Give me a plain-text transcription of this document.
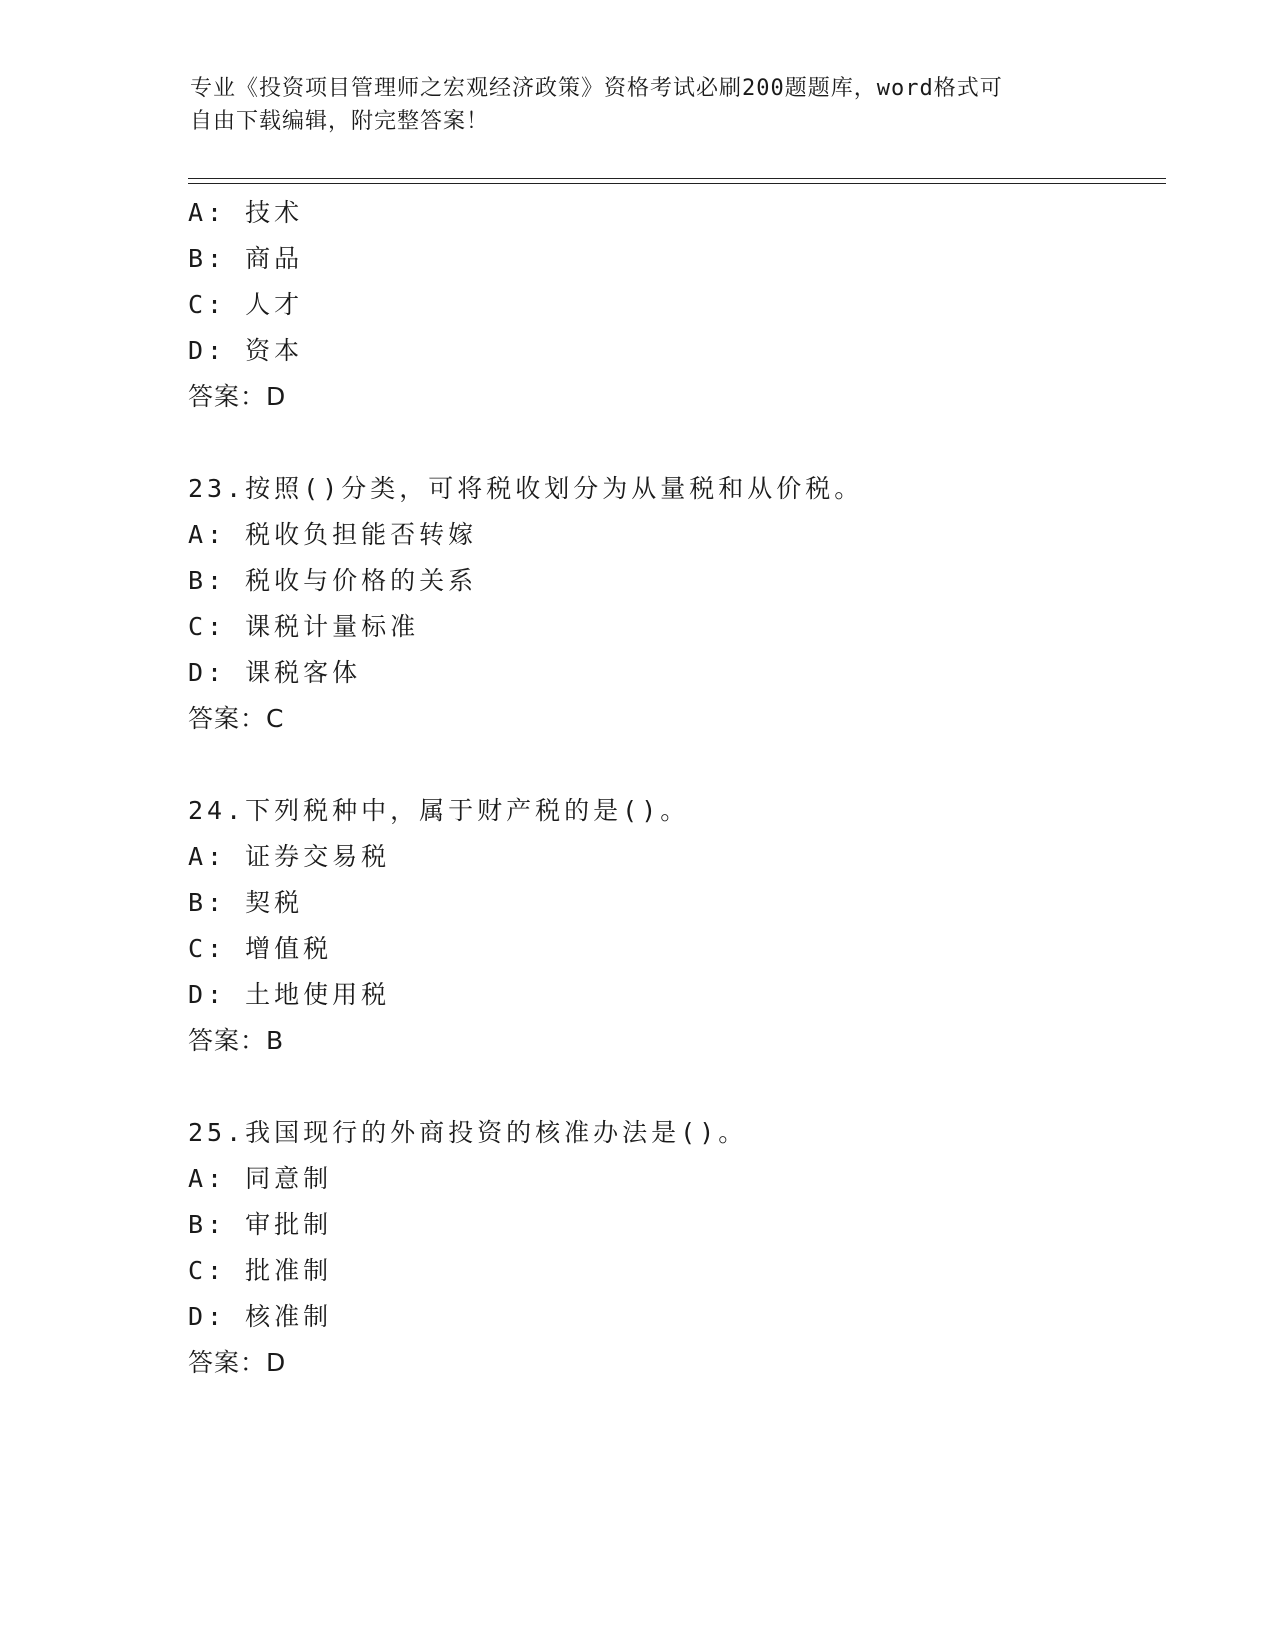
专业《投资项目管理师之宏观经济政策》资格考试必刷200题题库，word格式可
自由下载编辑，附完整答案！
A: 技术
B: 商品
C: 人才
D: 资本
答案：D
23.按照()分类，可将税收划分为从量税和从价税。
A: 税收负担能否转嫁
B: 税收与价格的关系
C: 课税计量标准
D: 课税客体
答案：C
24.下列税种中，属于财产税的是()。
A: 证券交易税
B: 契税
C: 增值税
D: 土地使用税
答案：B
25.我国现行的外商投资的核准办法是()。
A: 同意制
B: 审批制
C: 批准制
D: 核准制
答案：D
